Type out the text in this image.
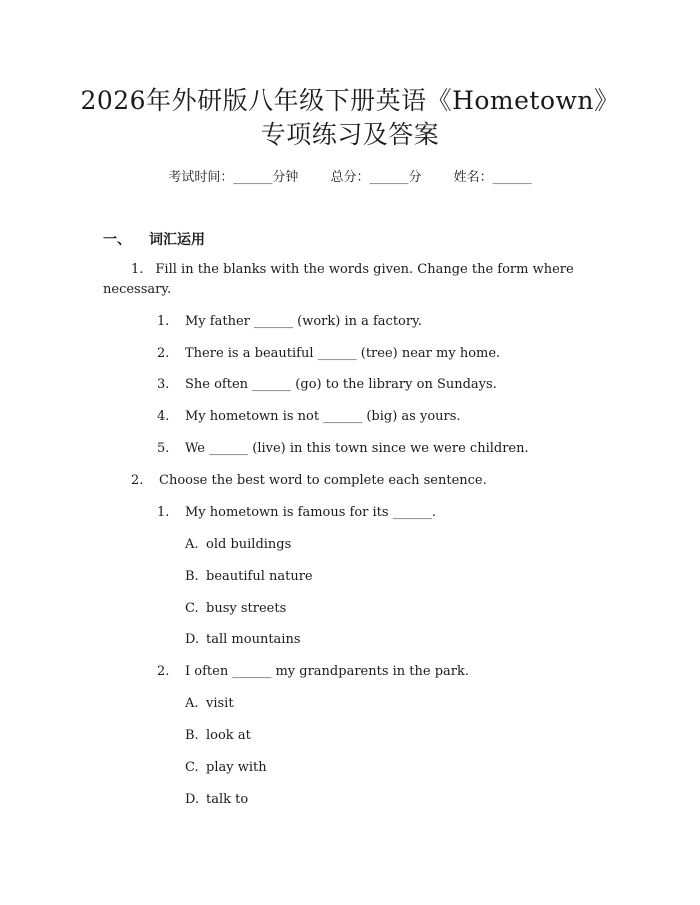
2026年外研版八年级下册英语《Hometown》
专项练习及答案
考试时间：______分钟 总分：______分 姓名：______
一、 词汇运用
1. Fill in the blanks with the words given. Change the form where necessary.
1. My father ______ (work) in a factory.
2. There is a beautiful ______ (tree) near my home.
3. She often ______ (go) to the library on Sundays.
4. My hometown is not ______ (big) as yours.
5. We ______ (live) in this town since we were children.
2. Choose the best word to complete each sentence.
1. My hometown is famous for its ______.
A. old buildings
B. beautiful nature
C. busy streets
D. tall mountains
2. I often ______ my grandparents in the park.
A. visit
B. look at
C. play with
D. talk to
